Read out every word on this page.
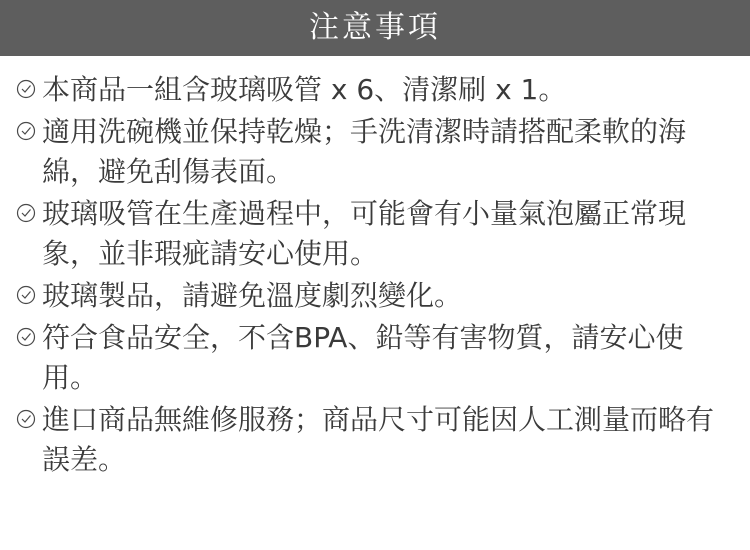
注意事項
本商品一組含玻璃吸管 x 6、清潔刷 x 1。
適用洗碗機並保持乾燥；手洗清潔時請搭配柔軟的海綿，避免刮傷表面。
玻璃吸管在生產過程中，可能會有小量氣泡屬正常現象，並非瑕疵請安心使用。
玻璃製品，請避免溫度劇烈變化。
符合食品安全，不含BPA、鉛等有害物質，請安心使用。
進口商品無維修服務；商品尺寸可能因人工測量而略有誤差。
